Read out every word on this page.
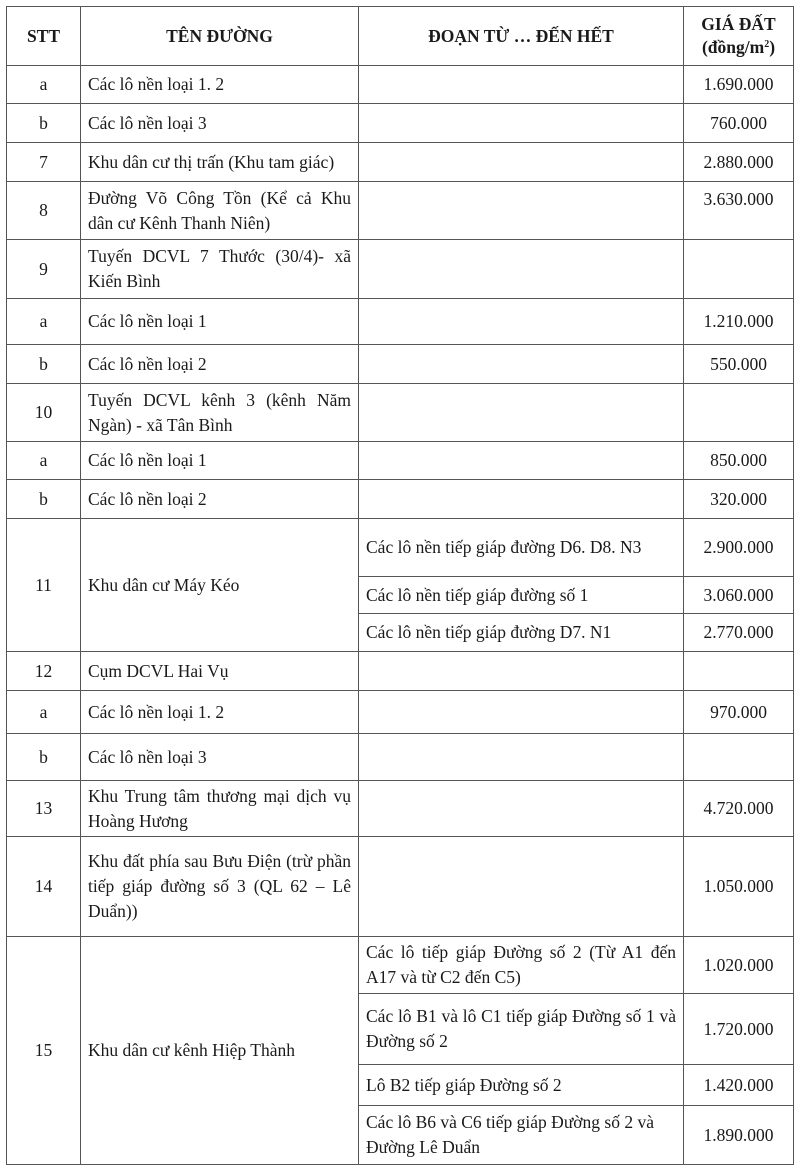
STT	TÊN ĐƯỜNG	ĐOẠN TỪ … ĐẾN HẾT	GIÁ ĐẤT
$(đồng/m^2)$
a	Các lô nền loại 1. 2		1.690.000
b	Các lô nền loại 3		760.000
7	Khu dân cư thị trấn (Khu tam giác)		2.880.000
8	Đường Võ Công Tồn (Kể cả Khu dân cư Kênh Thanh Niên)		3.630.000
9	Tuyến DCVL 7 Thước (30/4)- xã Kiến Bình		
a	Các lô nền loại 1		1.210.000
b	Các lô nền loại 2		550.000
10	Tuyến DCVL kênh 3 (kênh Năm Ngàn) - xã Tân Bình		
a	Các lô nền loại 1		850.000
b	Các lô nền loại 2		320.000
11	Khu dân cư Máy Kéo	Các lô nền tiếp giáp đường D6. D8. N3	2.900.000
		Các lô nền tiếp giáp đường số 1	3.060.000
		Các lô nền tiếp giáp đường D7. N1	2.770.000
12	Cụm DCVL Hai Vụ		
a	Các lô nền loại 1. 2		970.000
b	Các lô nền loại 3		
13	Khu Trung tâm thương mại dịch vụ Hoàng Hương		4.720.000
14	Khu đất phía sau Bưu Điện (trừ phần tiếp giáp đường số 3 (QL 62 – Lê Duẩn))		1.050.000
15	Khu dân cư kênh Hiệp Thành	Các lô tiếp giáp Đường số 2 (Từ A1 đến A17 và từ C2 đến C5)	1.020.000
		Các lô B1 và lô C1 tiếp giáp Đường số 1 và Đường số 2	1.720.000
		Lô B2 tiếp giáp Đường số 2	1.420.000
		Các lô B6 và C6 tiếp giáp Đường số 2 và Đường Lê Duẩn	1.890.000
